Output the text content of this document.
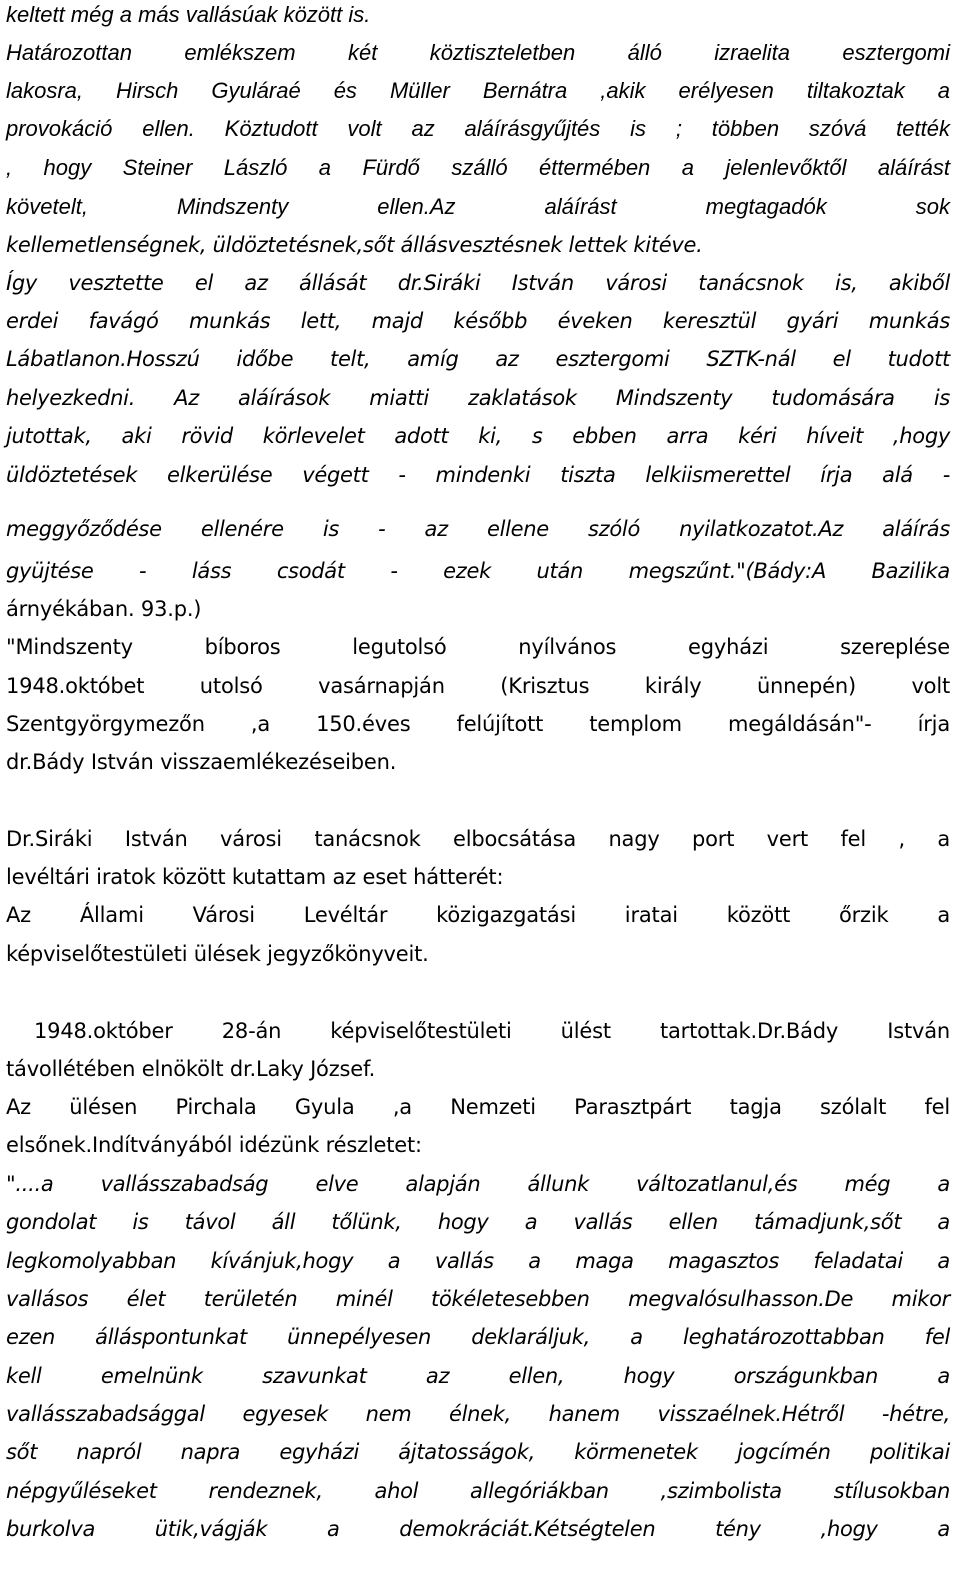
keltett még a más vallásúak között is.
Határozottan emlékszem két köztiszteletben álló izraelita esztergomi
lakosra, Hirsch Gyuláraé és Müller Bernátra ,akik erélyesen tiltakoztak a
provokáció ellen. Köztudott volt az aláírásgyűjtés is ; többen szóvá tették
, hogy Steiner László a Fürdő szálló éttermében a jelenlevőktől aláírást
követelt, Mindszenty ellen.Az aláírást megtagadók sok
kellemetlenségnek, üldöztetésnek,sőt állásvesztésnek lettek kitéve.
Így vesztette el az állását dr.Siráki István városi tanácsnok is, akiből
erdei favágó munkás lett, majd később éveken keresztül gyári munkás
Lábatlanon.Hosszú időbe telt, amíg az esztergomi SZTK-nál el tudott
helyezkedni. Az aláírások miatti zaklatások Mindszenty tudomására is
jutottak, aki rövid körlevelet adott ki, s ebben arra kéri híveit ,hogy
üldöztetések elkerülése végett - mindenki tiszta lelkiismerettel írja alá -
meggyőződése ellenére is - az ellene szóló nyilatkozatot.Az aláírás
gyüjtése - láss csodát - ezek után megszűnt."(Bády:A Bazilika
árnyékában. 93.p.)
"Mindszenty bíboros legutolsó nyílvános egyházi szereplése
1948.októbet utolsó vasárnapján (Krisztus király ünnepén) volt
Szentgyörgymezőn ,a 150.éves felújított templom megáldásán"- írja
dr.Bády István visszaemlékezéseiben.
Dr.Siráki István városi tanácsnok elbocsátása nagy port vert fel , a
levéltári iratok között kutattam az eset hátterét:
Az Állami Városi Levéltár közigazgatási iratai között őrzik a
képviselőtestületi ülések jegyzőkönyveit.
1948.október 28-án képviselőtestületi ülést tartottak.Dr.Bády István
távollétében elnökölt dr.Laky József.
Az ülésen Pirchala Gyula ,a Nemzeti Parasztpárt tagja szólalt fel
elsőnek.Indítványából idézünk részletet:
"....a vallásszabadság elve alapján állunk változatlanul,és még a
gondolat is távol áll tőlünk, hogy a vallás ellen támadjunk,sőt a
legkomolyabban kívánjuk,hogy a vallás a maga magasztos feladatai a
vallásos élet területén minél tökéletesebben megvalósulhasson.De mikor
ezen álláspontunkat ünnepélyesen deklaráljuk, a leghatározottabban fel
kell emelnünk szavunkat az ellen, hogy országunkban a
vallásszabadsággal egyesek nem élnek, hanem visszaélnek.Hétről -hétre,
sőt napról napra egyházi ájtatosságok, körmenetek jogcímén politikai
népgyűléseket rendeznek, ahol allegóriákban ,szimbolista stílusokban
burkolva ütik,vágják a demokráciát.Kétségtelen tény ,hogy a
